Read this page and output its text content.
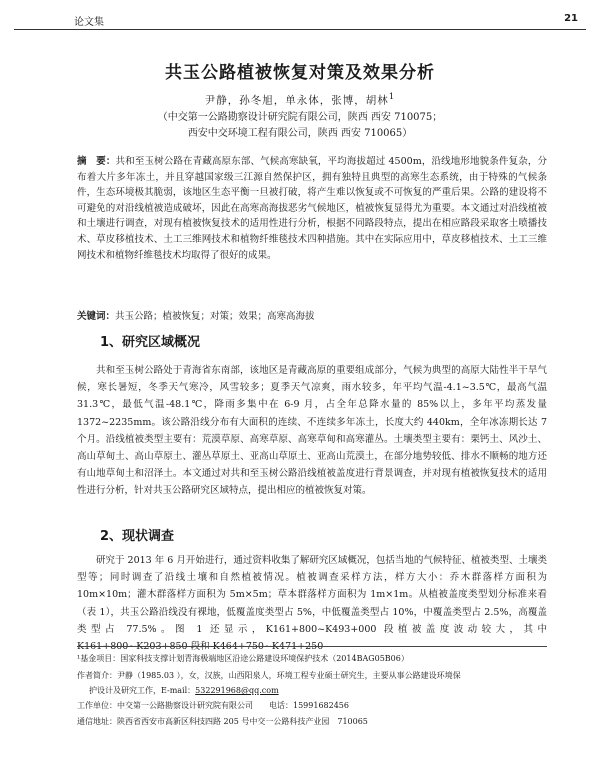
论文集	21
共玉公路植被恢复对策及效果分析
尹静，孙冬旭，单永体，张博，胡林$^1$
（中交第一公路勘察设计研究院有限公司，陕西 西安 710075；
西安中交环境工程有限公司，陕西 西安 710065）
摘　要：共和至玉树公路在青藏高原东部、气候高寒缺氧，平均海拔超过 4500m，沿线地形地貌条件复杂，分布着大片多年冻土，并且穿越国家级三江源自然保护区，拥有独特且典型的高寒生态系统，由于特殊的气候条件，生态环境极其脆弱，该地区生态平衡一旦被打破，将产生难以恢复或不可恢复的严重后果。公路的建设将不可避免的对沿线植被造成破坏，因此在高寒高海拔恶劣气候地区，植被恢复显得尤为重要。本文通过对沿线植被和土壤进行调查，对现有植被恢复技术的适用性进行分析，根据不同路段特点，提出在相应路段采取客土喷播技术、草皮移植技术、土工三维网技术和植物纤维毯技术四种措施。其中在实际应用中，草皮移植技术、土工三维网技术和植物纤维毯技术均取得了很好的成果。
关键词：共玉公路；植被恢复；对策；效果；高寒高海拔
1、研究区域概况
共和至玉树公路处于青海省东南部，该地区是青藏高原的重要组成部分，气候为典型的高原大陆性半干旱气候，寒长暑短，冬季天气寒冷，风雪较多；夏季天气凉爽，雨水较多，年平均气温-4.1~3.5℃，最高气温 31.3℃，最低气温-48.1℃，降雨多集中在 6-9 月，占全年总降水量的 85%以上，多年平均蒸发量 1372~2235mm。该公路沿线分布有大面积的连续、不连续多年冻土，长度大约 440km，全年冰冻期长达 7 个月。沿线植被类型主要有：荒漠草原、高寒草原、高寒草甸和高寒灌丛。土壤类型主要有：栗钙土、风沙土、高山草甸土、高山草原土、灌丛草原土、亚高山草原土、亚高山荒漠土，在部分地势较低、排水不顺畅的地方还有山地草甸土和沼泽土。本文通过对共和至玉树公路沿线植被盖度进行背景调查，并对现有植被恢复技术的适用性进行分析，针对共玉公路研究区域特点，提出相应的植被恢复对策。
2、现状调查
研究于 2013 年 6 月开始进行，通过资料收集了解研究区域概况，包括当地的气候特征、植被类型、土壤类型等；同时调查了沿线土壤和自然植被情况。植被调查采样方法，样方大小：乔木群落样方面积为 10m×10m；灌木群落样方面积为 5m×5m；草本群落样方面积为 1m×1m。从植被盖度类型划分标准来看（表 1），共玉公路沿线没有裸地，低覆盖度类型占 5%，中低覆盖类型占 10%，中覆盖类型占 2.5%，高覆盖类型占 77.5%。图 1 还显示，K161+800~K493+000 段植被盖度波动较大，其中 K161+800~K203+850 段和 K464+750~K471+250
¹基金项目：国家科技支撑计划青海极端地区沿途公路建设环境保护技术（2014BAG05B06）
作者简介：尹静（1985.03 ），女，汉族，山西阳泉人，环境工程专业硕士研究生，主要从事公路建设环境保
护设计及研究工作，E-mail：532291968@qq.com
工作单位：中交第一公路勘察设计研究院有限公司　　电话：15991682456
通信地址：陕西省西安市高新区科技四路 205 号中交一公路科技产业园　710065
